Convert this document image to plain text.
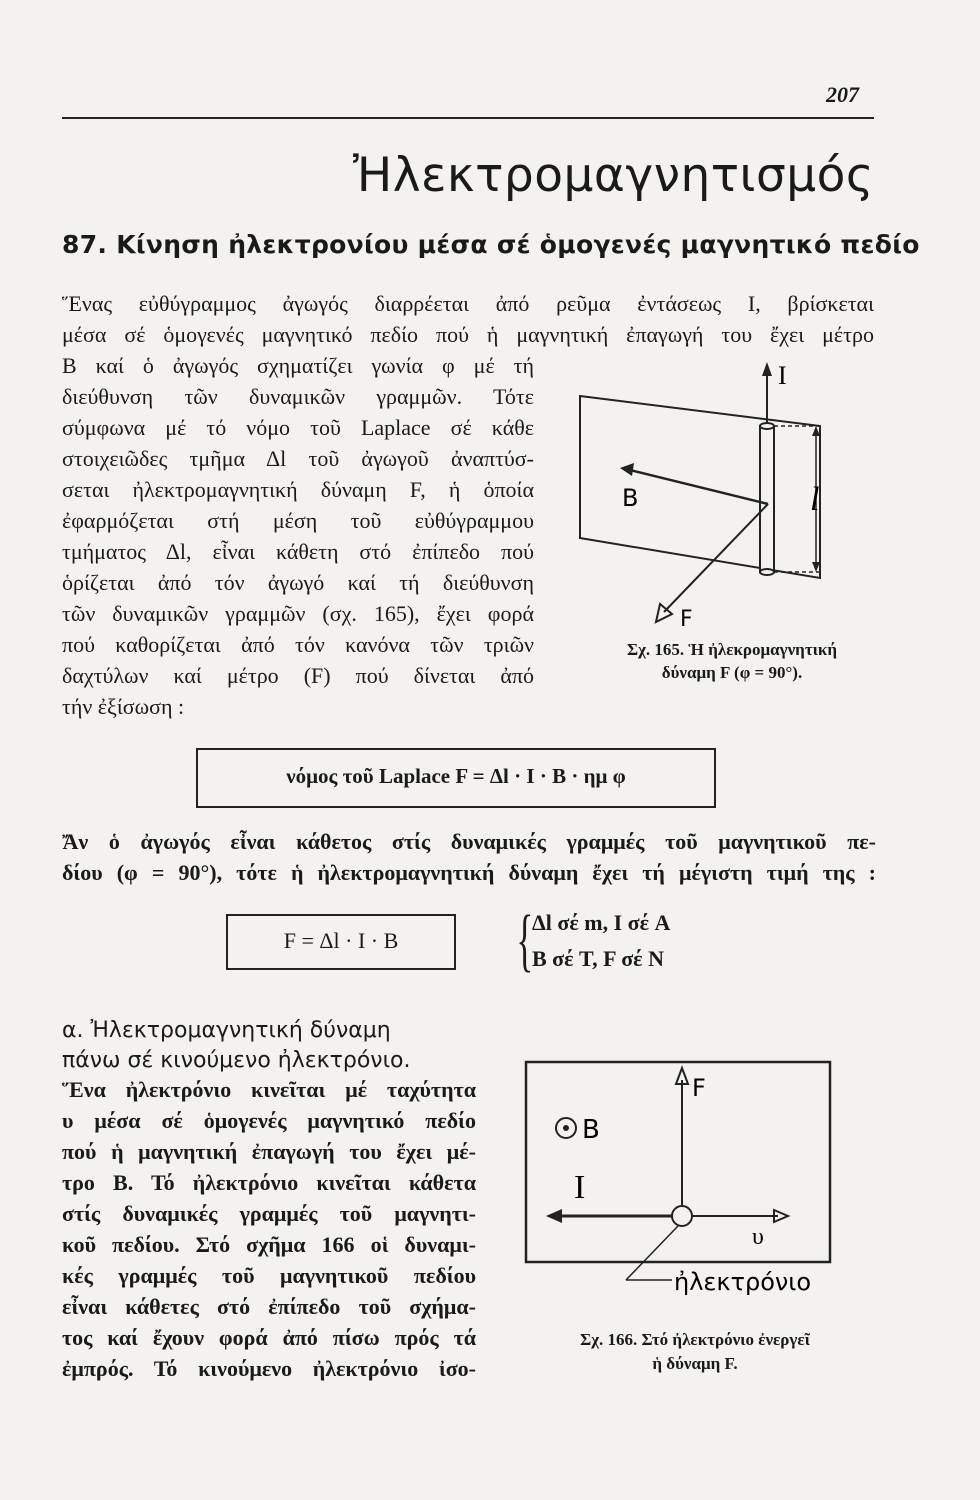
207
Ἠλεκτρομαγνητισμός
87. Κίνηση ἠλεκτρονίου μέσα σέ ὁμογενές μαγνητικό πεδίο
Ἕνας εὐθύγραμμος ἀγωγός διαρρέεται ἀπό ρεῦμα ἐντάσεως Ι, βρίσκεται
μέσα σέ ὁμογενές μαγνητικό πεδίο πού ἡ μαγνητική ἐπαγωγή του ἔχει μέτρο
Β καί ὁ ἀγωγός σχηματίζει γωνία φ μέ τή
διεύθυνση τῶν δυναμικῶν γραμμῶν. Τότε
σύμφωνα μέ τό νόμο τοῦ Laplace σέ κάθε
στοιχειῶδες τμῆμα Δl τοῦ ἀγωγοῦ ἀναπτύσ-
σεται ἠλεκτρομαγνητική δύναμη F, ἡ ὁποία
ἐφαρμόζεται στή μέση τοῦ εὐθύγραμμου
τμήματος Δl, εἶναι κάθετη στό ἐπίπεδο πού
ὁρίζεται ἀπό τόν ἀγωγό καί τή διεύθυνση
τῶν δυναμικῶν γραμμῶν (σχ. 165), ἔχει φορά
πού καθορίζεται ἀπό τόν κανόνα τῶν τριῶν
δαχτύλων καί μέτρο (F) πού δίνεται ἀπό
τήν ἐξίσωση :
I
B
F
l
Σχ. 165. Ἡ ἠλεκρομαγνητική
δύναμη F (φ = 90°).
νόμος τοῦ Laplace F = Δl · I · B · ημ φ
Ἄν ὁ ἀγωγός εἶναι κάθετος στίς δυναμικές γραμμές τοῦ μαγνητικοῦ πε-
δίου (φ = 90°), τότε ἡ ἠλεκτρομαγνητική δύναμη ἔχει τή μέγιστη τιμή της :
F = Δl · I · B	{
Δl σέ m, I σέ A
B σέ T, F σέ N
α. Ἠλεκτρομαγνητική δύναμη
πάνω σέ κινούμενο ἠλεκτρόνιο.
Ἕνα ἠλεκτρόνιο κινεῖται μέ ταχύτητα
υ μέσα σέ ὁμογενές μαγνητικό πεδίο
πού ἡ μαγνητική ἐπαγωγή του ἔχει μέ-
τρο Β. Τό ἠλεκτρόνιο κινεῖται κάθετα
στίς δυναμικές γραμμές τοῦ μαγνητι-
κοῦ πεδίου. Στό σχῆμα 166 οἱ δυναμι-
κές γραμμές τοῦ μαγνητικοῦ πεδίου
εἶναι κάθετες στό ἐπίπεδο τοῦ σχήμα-
τος καί ἔχουν φορά ἀπό πίσω πρός τά
ἐμπρός. Τό κινούμενο ἠλεκτρόνιο ἰσο-
B
F
I
υ
ἠλεκτρόνιο
Σχ. 166. Στό ἠλεκτρόνιο ἐνεργεῖ
ἡ δύναμη F.
